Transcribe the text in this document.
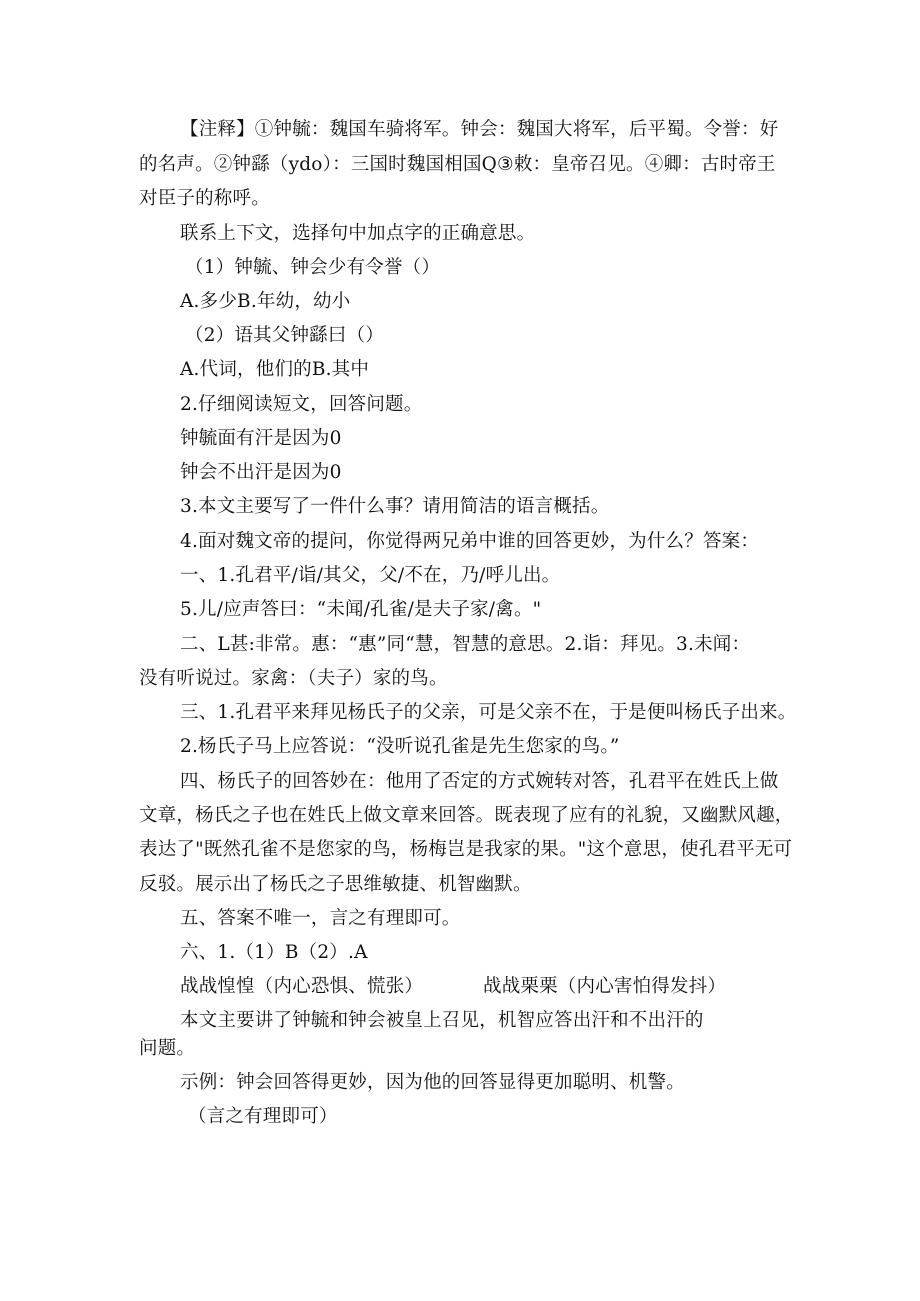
【注释】①钟毓：魏国车骑将军。钟会：魏国大将军，后平蜀。令誉：好
的名声。②钟繇（ydo）：三国时魏国相国Q③敕：皇帝召见。④卿：古时帝王
对臣子的称呼。
联系上下文，选择句中加点字的正确意思。
（1）钟毓、钟会少有令誉（）
A.多少B.年幼，幼小
（2）语其父钟繇曰（）
A.代词，他们的B.其中
2.仔细阅读短文，回答问题。
钟毓面有汗是因为0
钟会不出汗是因为0
3.本文主要写了一件什么事？请用简洁的语言概括。
4.面对魏文帝的提问，你觉得两兄弟中谁的回答更妙，为什么？答案：
一、1.孔君平/诣/其父，父/不在，乃/呼儿出。
5.儿/应声答曰：“未闻/孔雀/是夫子家/禽。"
二、L甚:非常。惠：“惠”同“慧，智慧的意思。2.诣：拜见。3.未闻：
没有听说过。家禽：（夫子）家的鸟。
三、1.孔君平来拜见杨氏子的父亲，可是父亲不在，于是便叫杨氏子出来。
2.杨氏子马上应答说：“没听说孔雀是先生您家的鸟。”
四、杨氏子的回答妙在：他用了否定的方式婉转对答，孔君平在姓氏上做
文章，杨氏之子也在姓氏上做文章来回答。既表现了应有的礼貌，又幽默风趣，
表达了"既然孔雀不是您家的鸟，杨梅岂是我家的果。"这个意思，使孔君平无可
反驳。展示出了杨氏之子思维敏捷、机智幽默。
五、答案不唯一，言之有理即可。
六、1.（1）B（2）.A
战战惶惶（内心恐惧、慌张）	战战栗栗（内心害怕得发抖）
本文主要讲了钟毓和钟会被皇上召见，机智应答出汗和不出汗的
问题。
示例：钟会回答得更妙，因为他的回答显得更加聪明、机警。
（言之有理即可）
